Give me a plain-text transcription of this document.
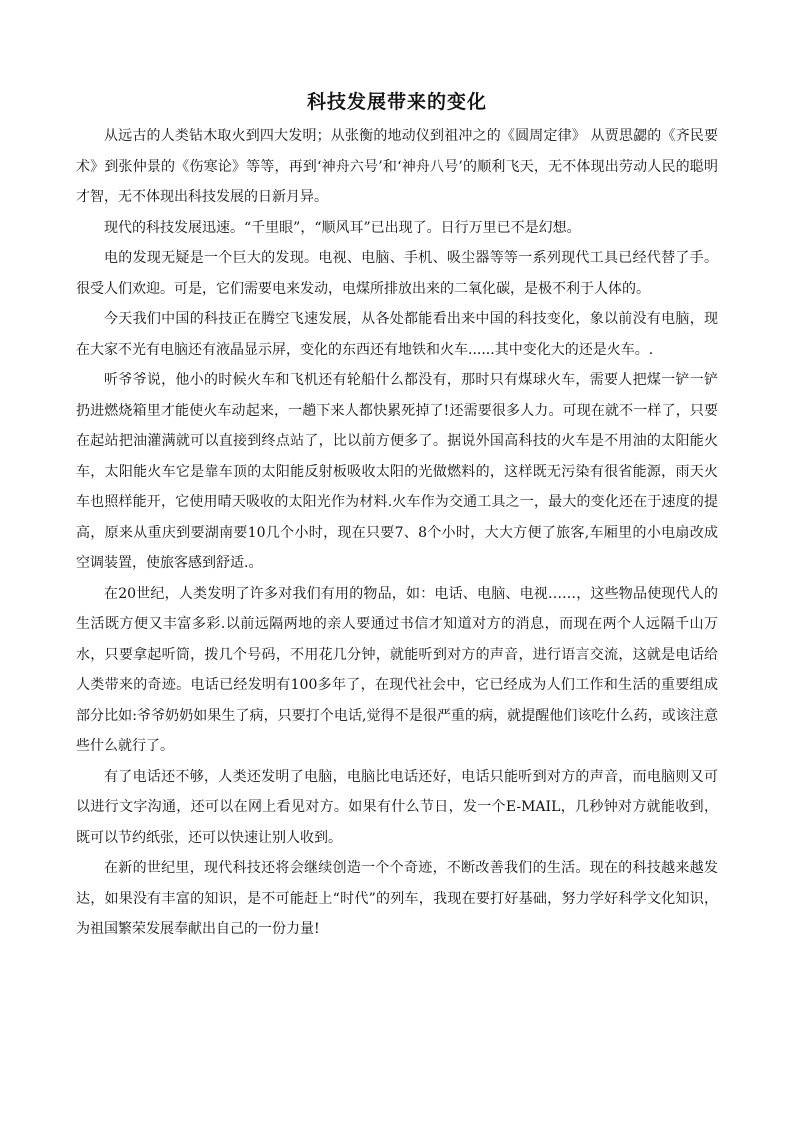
科技发展带来的变化

从远古的人类钻木取火到四大发明；从张衡的地动仪到祖冲之的《圆周定律》 从贾思勰的《齐民要术》到张仲景的《伤寒论》等等，再到‘神舟六号’和‘神舟八号’的顺利飞天，无不体现出劳动人民的聪明才智，无不体现出科技发展的日新月异。

现代的科技发展迅速。“千里眼”，“顺风耳”已出现了。日行万里已不是幻想。

电的发现无疑是一个巨大的发现。电视、电脑、手机、吸尘器等等一系列现代工具已经代替了手。很受人们欢迎。可是，它们需要电来发动，电煤所排放出来的二氧化碳，是极不利于人体的。

今天我们中国的科技正在腾空飞速发展，从各处都能看出来中国的科技变化，象以前没有电脑，现在大家不光有电脑还有液晶显示屏，变化的东西还有地铁和火车......其中变化大的还是火车。.

听爷爷说，他小的时候火车和飞机还有轮船什么都没有，那时只有煤球火车，需要人把煤一铲一铲扔进燃烧箱里才能使火车动起来，一趟下来人都快累死掉了!还需要很多人力。可现在就不一样了，只要在起站把油灌满就可以直接到终点站了，比以前方便多了。据说外国高科技的火车是不用油的太阳能火车，太阳能火车它是靠车顶的太阳能反射板吸收太阳的光做燃料的，这样既无污染有很省能源，雨天火车也照样能开，它使用晴天吸收的太阳光作为材料.火车作为交通工具之一，最大的变化还在于速度的提高，原来从重庆到要湖南要10几个小时，现在只要7、8个小时，大大方便了旅客,车厢里的小电扇改成空调装置，使旅客感到舒适.。

在20世纪，人类发明了许多对我们有用的物品，如：电话、电脑、电视……，这些物品使现代人的生活既方便又丰富多彩.以前远隔两地的亲人要通过书信才知道对方的消息，而现在两个人远隔千山万水，只要拿起听筒，拨几个号码，不用花几分钟，就能听到对方的声音，进行语言交流，这就是电话给人类带来的奇迹。电话已经发明有100多年了，在现代社会中，它已经成为人们工作和生活的重要组成部分比如:爷爷奶奶如果生了病，只要打个电话,觉得不是很严重的病，就提醒他们该吃什么药，或该注意些什么就行了。

有了电话还不够，人类还发明了电脑，电脑比电话还好，电话只能听到对方的声音，而电脑则又可以进行文字沟通，还可以在网上看见对方。如果有什么节日，发一个E-MAIL，几秒钟对方就能收到，既可以节约纸张，还可以快速让别人收到。

在新的世纪里，现代科技还将会继续创造一个个奇迹，不断改善我们的生活。现在的科技越来越发达，如果没有丰富的知识，是不可能赶上“时代”的列车，我现在要打好基础，努力学好科学文化知识，为祖国繁荣发展奉献出自己的一份力量!
